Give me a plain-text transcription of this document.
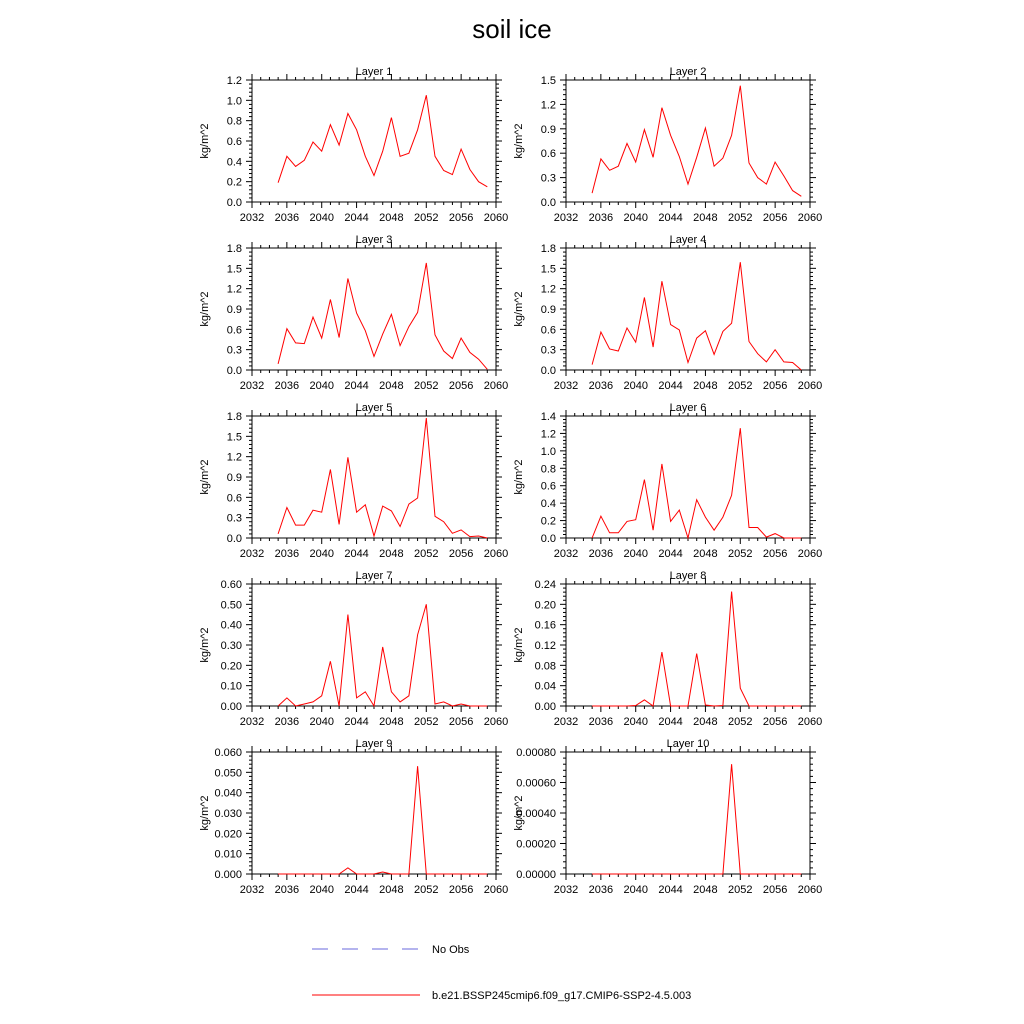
soil ice
Layer 1
kg/m^2
2032 2036 2040 2044 2048 2052 2056 2060
0.0
0.2
0.4
0.6
0.8
1.0
1.2
Layer 2
kg/m^2
2032 2036 2040 2044 2048 2052 2056 2060
0.0
0.3
0.6
0.9
1.2
1.5
Layer 3
kg/m^2
2032 2036 2040 2044 2048 2052 2056 2060
0.0
0.3
0.6
0.9
1.2
1.5
1.8
Layer 4
kg/m^2
2032 2036 2040 2044 2048 2052 2056 2060
0.0
0.3
0.6
0.9
1.2
1.5
1.8
Layer 5
kg/m^2
2032 2036 2040 2044 2048 2052 2056 2060
0.0
0.3
0.6
0.9
1.2
1.5
1.8
Layer 6
kg/m^2
2032 2036 2040 2044 2048 2052 2056 2060
0.0
0.2
0.4
0.6
0.8
1.0
1.2
1.4
Layer 7
kg/m^2
2032 2036 2040 2044 2048 2052 2056 2060
0.00
0.10
0.20
0.30
0.40
0.50
0.60
Layer 8
kg/m^2
2032 2036 2040 2044 2048 2052 2056 2060
0.00
0.04
0.08
0.12
0.16
0.20
0.24
Layer 9
kg/m^2
2032 2036 2040 2044 2048 2052 2056 2060
0.000
0.010
0.020
0.030
0.040
0.050
0.060
Layer 10
kg/m^2
2032 2036 2040 2044 2048 2052 2056 2060
0.00000
0.00020
0.00040
0.00060
0.00080
No Obs
b.e21.BSSP245cmip6.f09_g17.CMIP6-SSP2-4.5.003
